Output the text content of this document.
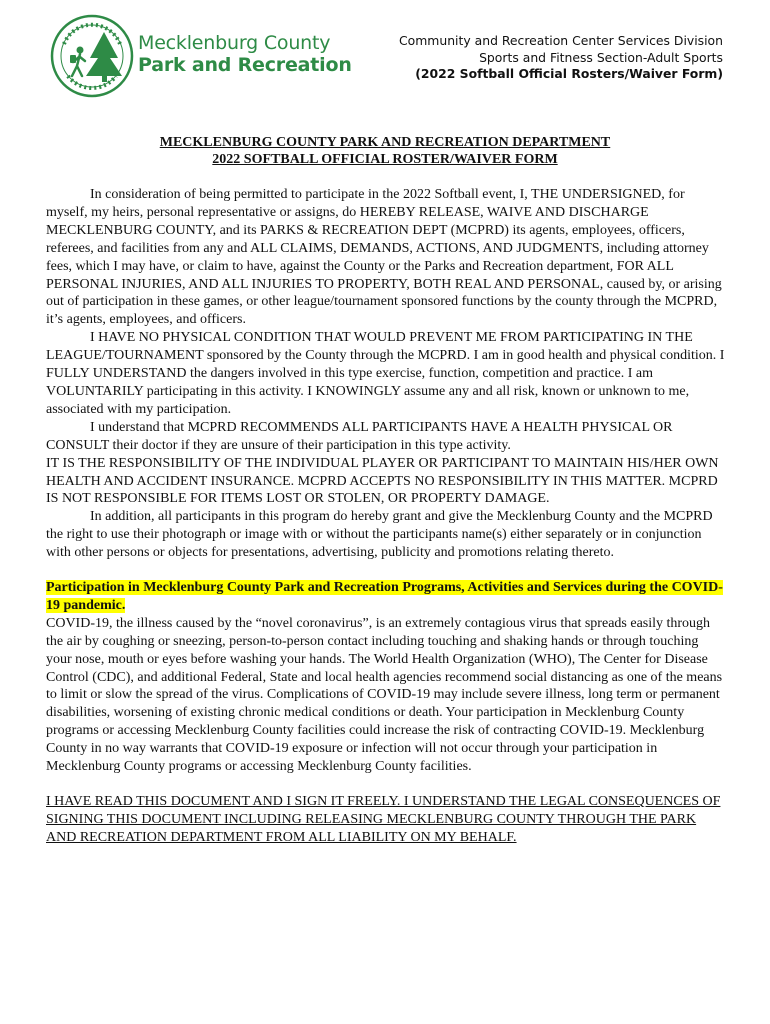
Mecklenburg County
Park and Recreation
Community and Recreation Center Services Division
Sports and Fitness Section-Adult Sports
(2022 Softball Official Rosters/Waiver Form)
MECKLENBURG COUNTY PARK AND RECREATION DEPARTMENT
2022 SOFTBALL OFFICIAL ROSTER/WAIVER FORM

In consideration of being permitted to participate in the 2022 Softball event, I, THE UNDERSIGNED, for myself, my heirs, personal representative or assigns, do HEREBY RELEASE, WAIVE AND DISCHARGE MECKLENBURG COUNTY, and its PARKS & RECREATION DEPT (MCPRD) its agents, employees, officers, referees, and facilities from any and ALL CLAIMS, DEMANDS, ACTIONS, AND JUDGMENTS, including attorney fees, which I may have, or claim to have, against the County or the Parks and Recreation department, FOR ALL PERSONAL INJURIES, AND ALL INJURIES TO PROPERTY, BOTH REAL AND PERSONAL, caused by, or arising out of participation in these games, or other league/tournament sponsored functions by the county through the MCPRD, it’s agents, employees, and officers.

I HAVE NO PHYSICAL CONDITION THAT WOULD PREVENT ME FROM PARTICIPATING IN THE LEAGUE/TOURNAMENT sponsored by the County through the MCPRD. I am in good health and physical condition. I FULLY UNDERSTAND the dangers involved in this type exercise, function, competition and practice. I am VOLUNTARILY participating in this activity. I KNOWINGLY assume any and all risk, known or unknown to me, associated with my participation.

I understand that MCPRD RECOMMENDS ALL PARTICIPANTS HAVE A HEALTH PHYSICAL OR CONSULT their doctor if they are unsure of their participation in this type activity.

IT IS THE RESPONSIBILITY OF THE INDIVIDUAL PLAYER OR PARTICIPANT TO MAINTAIN HIS/HER OWN HEALTH AND ACCIDENT INSURANCE. MCPRD ACCEPTS NO RESPONSIBILITY IN THIS MATTER. MCPRD IS NOT RESPONSIBLE FOR ITEMS LOST OR STOLEN, OR PROPERTY DAMAGE.

In addition, all participants in this program do hereby grant and give the Mecklenburg County and the MCPRD the right to use their photograph or image with or without the participants name(s) either separately or in conjunction with other persons or objects for presentations, advertising, publicity and promotions relating thereto.

Participation in Mecklenburg County Park and Recreation Programs, Activities and Services during the COVID-19 pandemic.

COVID-19, the illness caused by the “novel coronavirus”, is an extremely contagious virus that spreads easily through the air by coughing or sneezing, person-to-person contact including touching and shaking hands or through touching your nose, mouth or eyes before washing your hands. The World Health Organization (WHO), The Center for Disease Control (CDC), and additional Federal, State and local health agencies recommend social distancing as one of the means to limit or slow the spread of the virus. Complications of COVID-19 may include severe illness, long term or permanent disabilities, worsening of existing chronic medical conditions or death. Your participation in Mecklenburg County programs or accessing Mecklenburg County facilities could increase the risk of contracting COVID-19. Mecklenburg County in no way warrants that COVID-19 exposure or infection will not occur through your participation in Mecklenburg County programs or accessing Mecklenburg County facilities.

I HAVE READ THIS DOCUMENT AND I SIGN IT FREELY. I UNDERSTAND THE LEGAL CONSEQUENCES OF SIGNING THIS DOCUMENT INCLUDING RELEASING MECKLENBURG COUNTY THROUGH THE PARK AND RECREATION DEPARTMENT FROM ALL LIABILITY ON MY BEHALF.
